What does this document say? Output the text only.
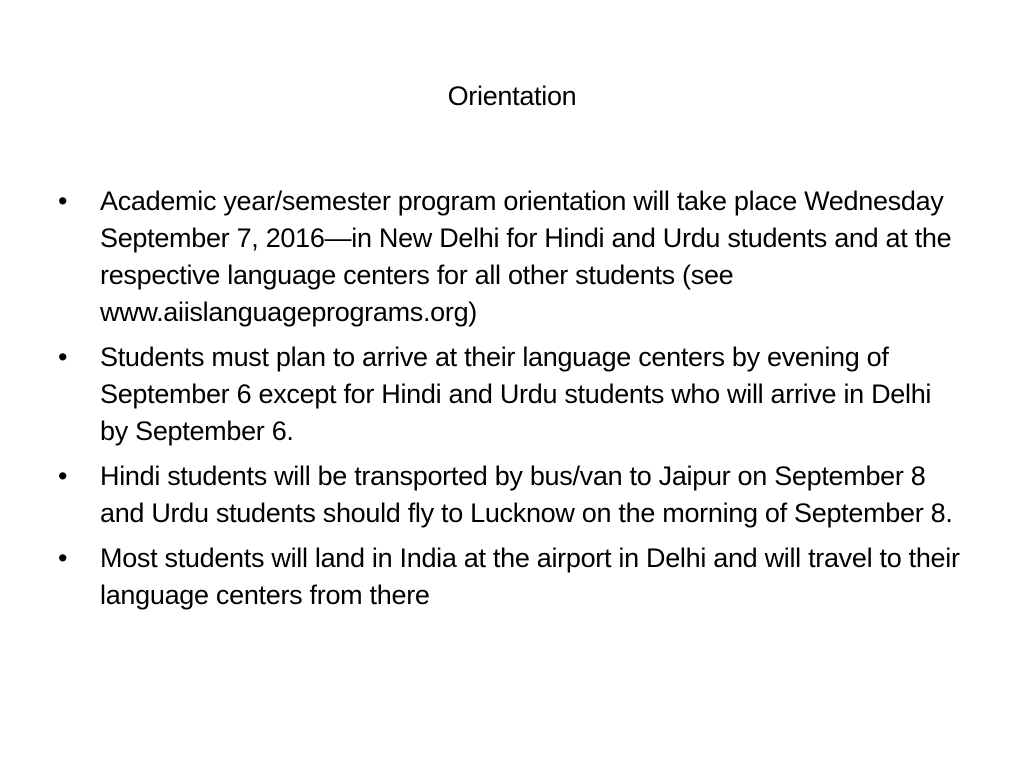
Orientation
•	Academic year/semester program orientation will take place Wednesday September 7, 2016—in New Delhi for Hindi and Urdu students and at the respective language centers for all other students (see www.aiislanguageprograms.org)
•	Students must plan to arrive at their language centers by evening of September 6 except for Hindi and Urdu students who will arrive in Delhi by September 6.
•	Hindi students will be transported by bus/van to Jaipur on September 8 and Urdu students should fly to Lucknow on the morning of September 8.
•	Most students will land in India at the airport in Delhi and will travel to their language centers from there
